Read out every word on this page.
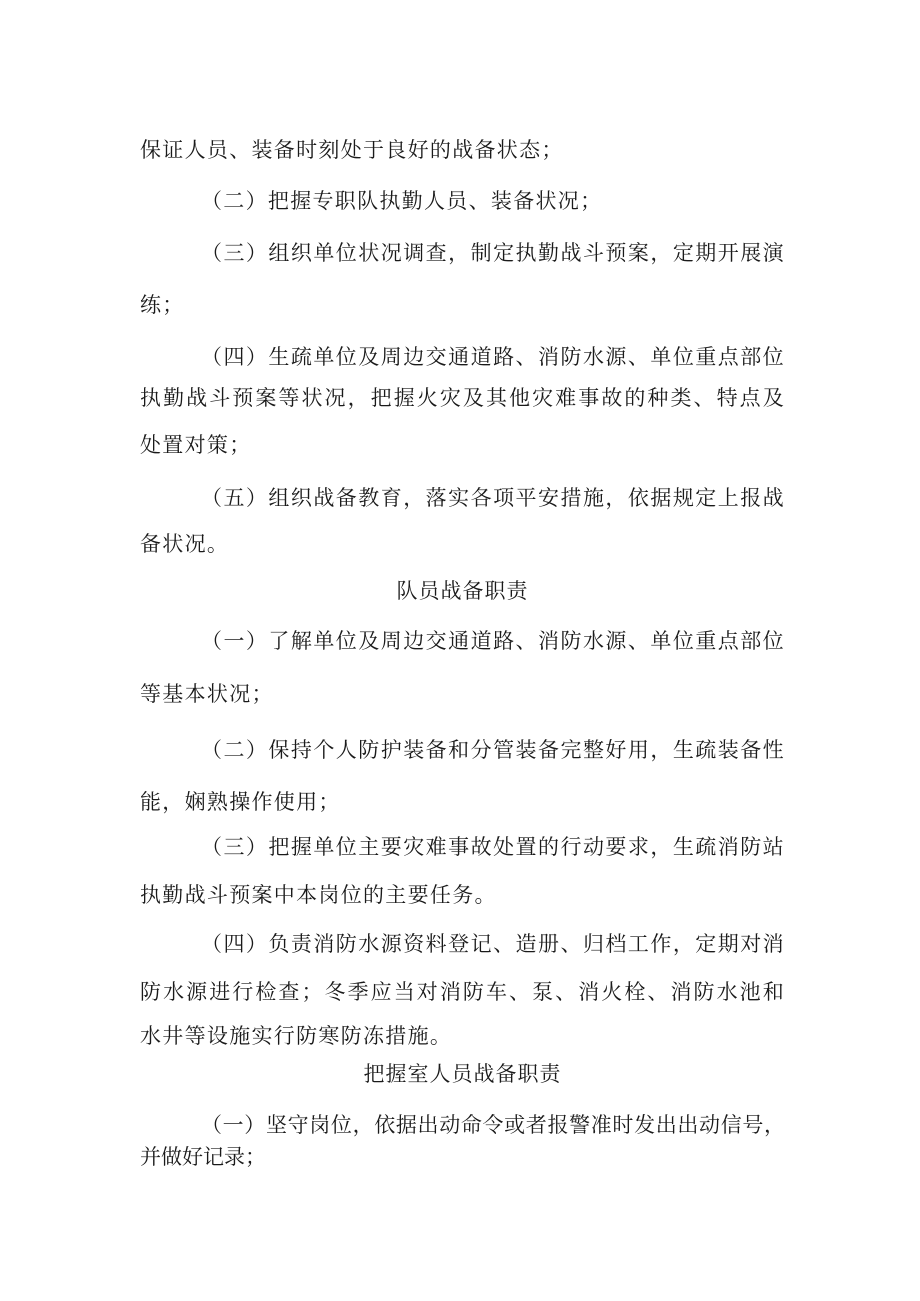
保证人员、装备时刻处于良好的战备状态；
（二）把握专职队执勤人员、装备状况；
（三）组织单位状况调查，制定执勤战斗预案，定期开展演
练；
（四）生疏单位及周边交通道路、消防水源、单位重点部位
执勤战斗预案等状况，把握火灾及其他灾难事故的种类、特点及
处置对策；
（五）组织战备教育，落实各项平安措施，依据规定上报战
备状况。
队员战备职责
（一）了解单位及周边交通道路、消防水源、单位重点部位
等基本状况；
（二）保持个人防护装备和分管装备完整好用，生疏装备性
能，娴熟操作使用；
（三）把握单位主要灾难事故处置的行动要求，生疏消防站
执勤战斗预案中本岗位的主要任务。
（四）负责消防水源资料登记、造册、归档工作，定期对消
防水源进行检查；冬季应当对消防车、泵、消火栓、消防水池和
水井等设施实行防寒防冻措施。
把握室人员战备职责
（一）坚守岗位，依据出动命令或者报警准时发出出动信号，
并做好记录；
